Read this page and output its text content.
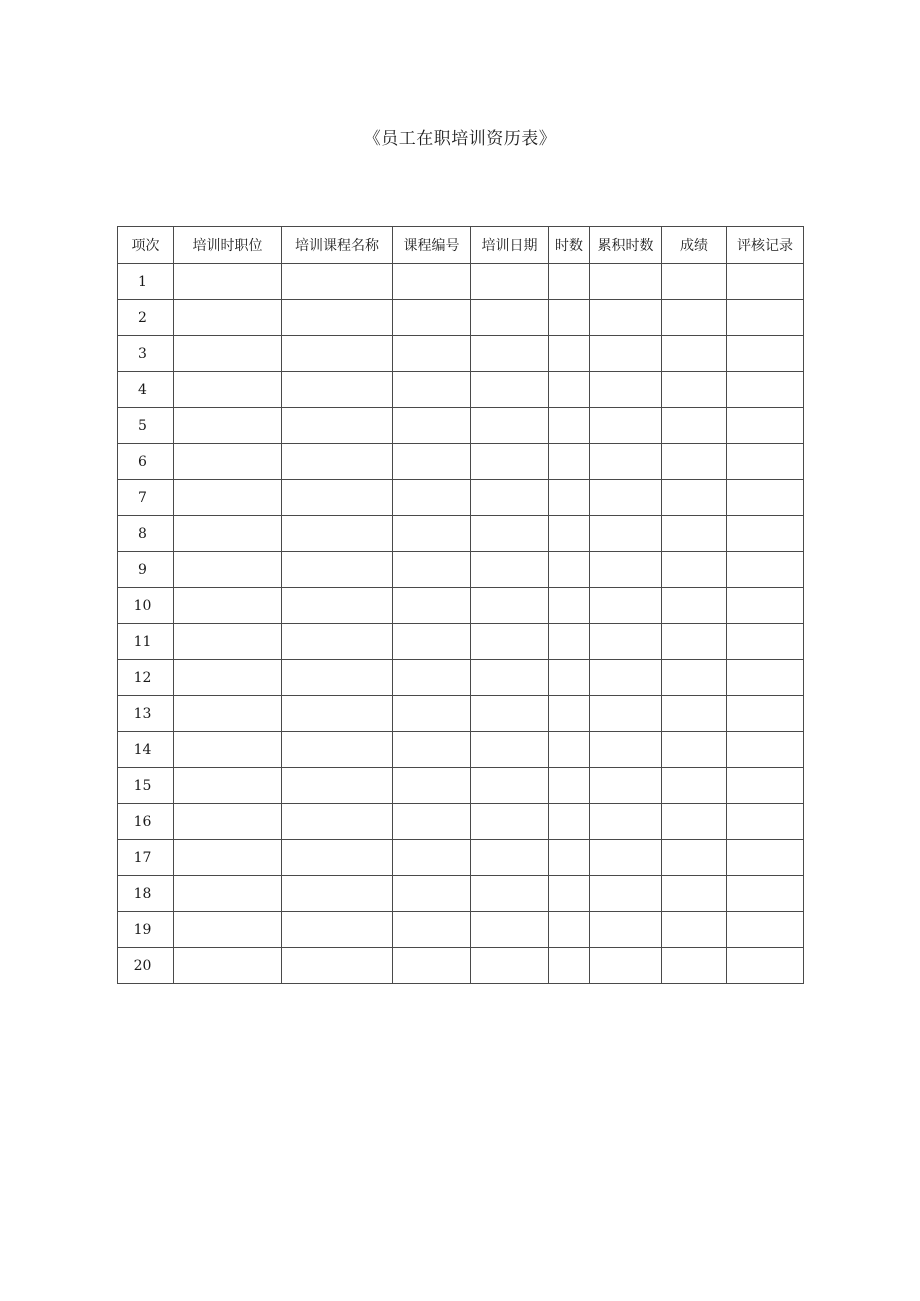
《员工在职培训资历表》
项次	培训时职位	培训课程名称	课程编号	培训日期	时数	累积时数	成绩	评核记录
1								
2								
3								
4								
5								
6								
7								
8								
9								
10								
11								
12								
13								
14								
15								
16								
17								
18								
19								
20								
